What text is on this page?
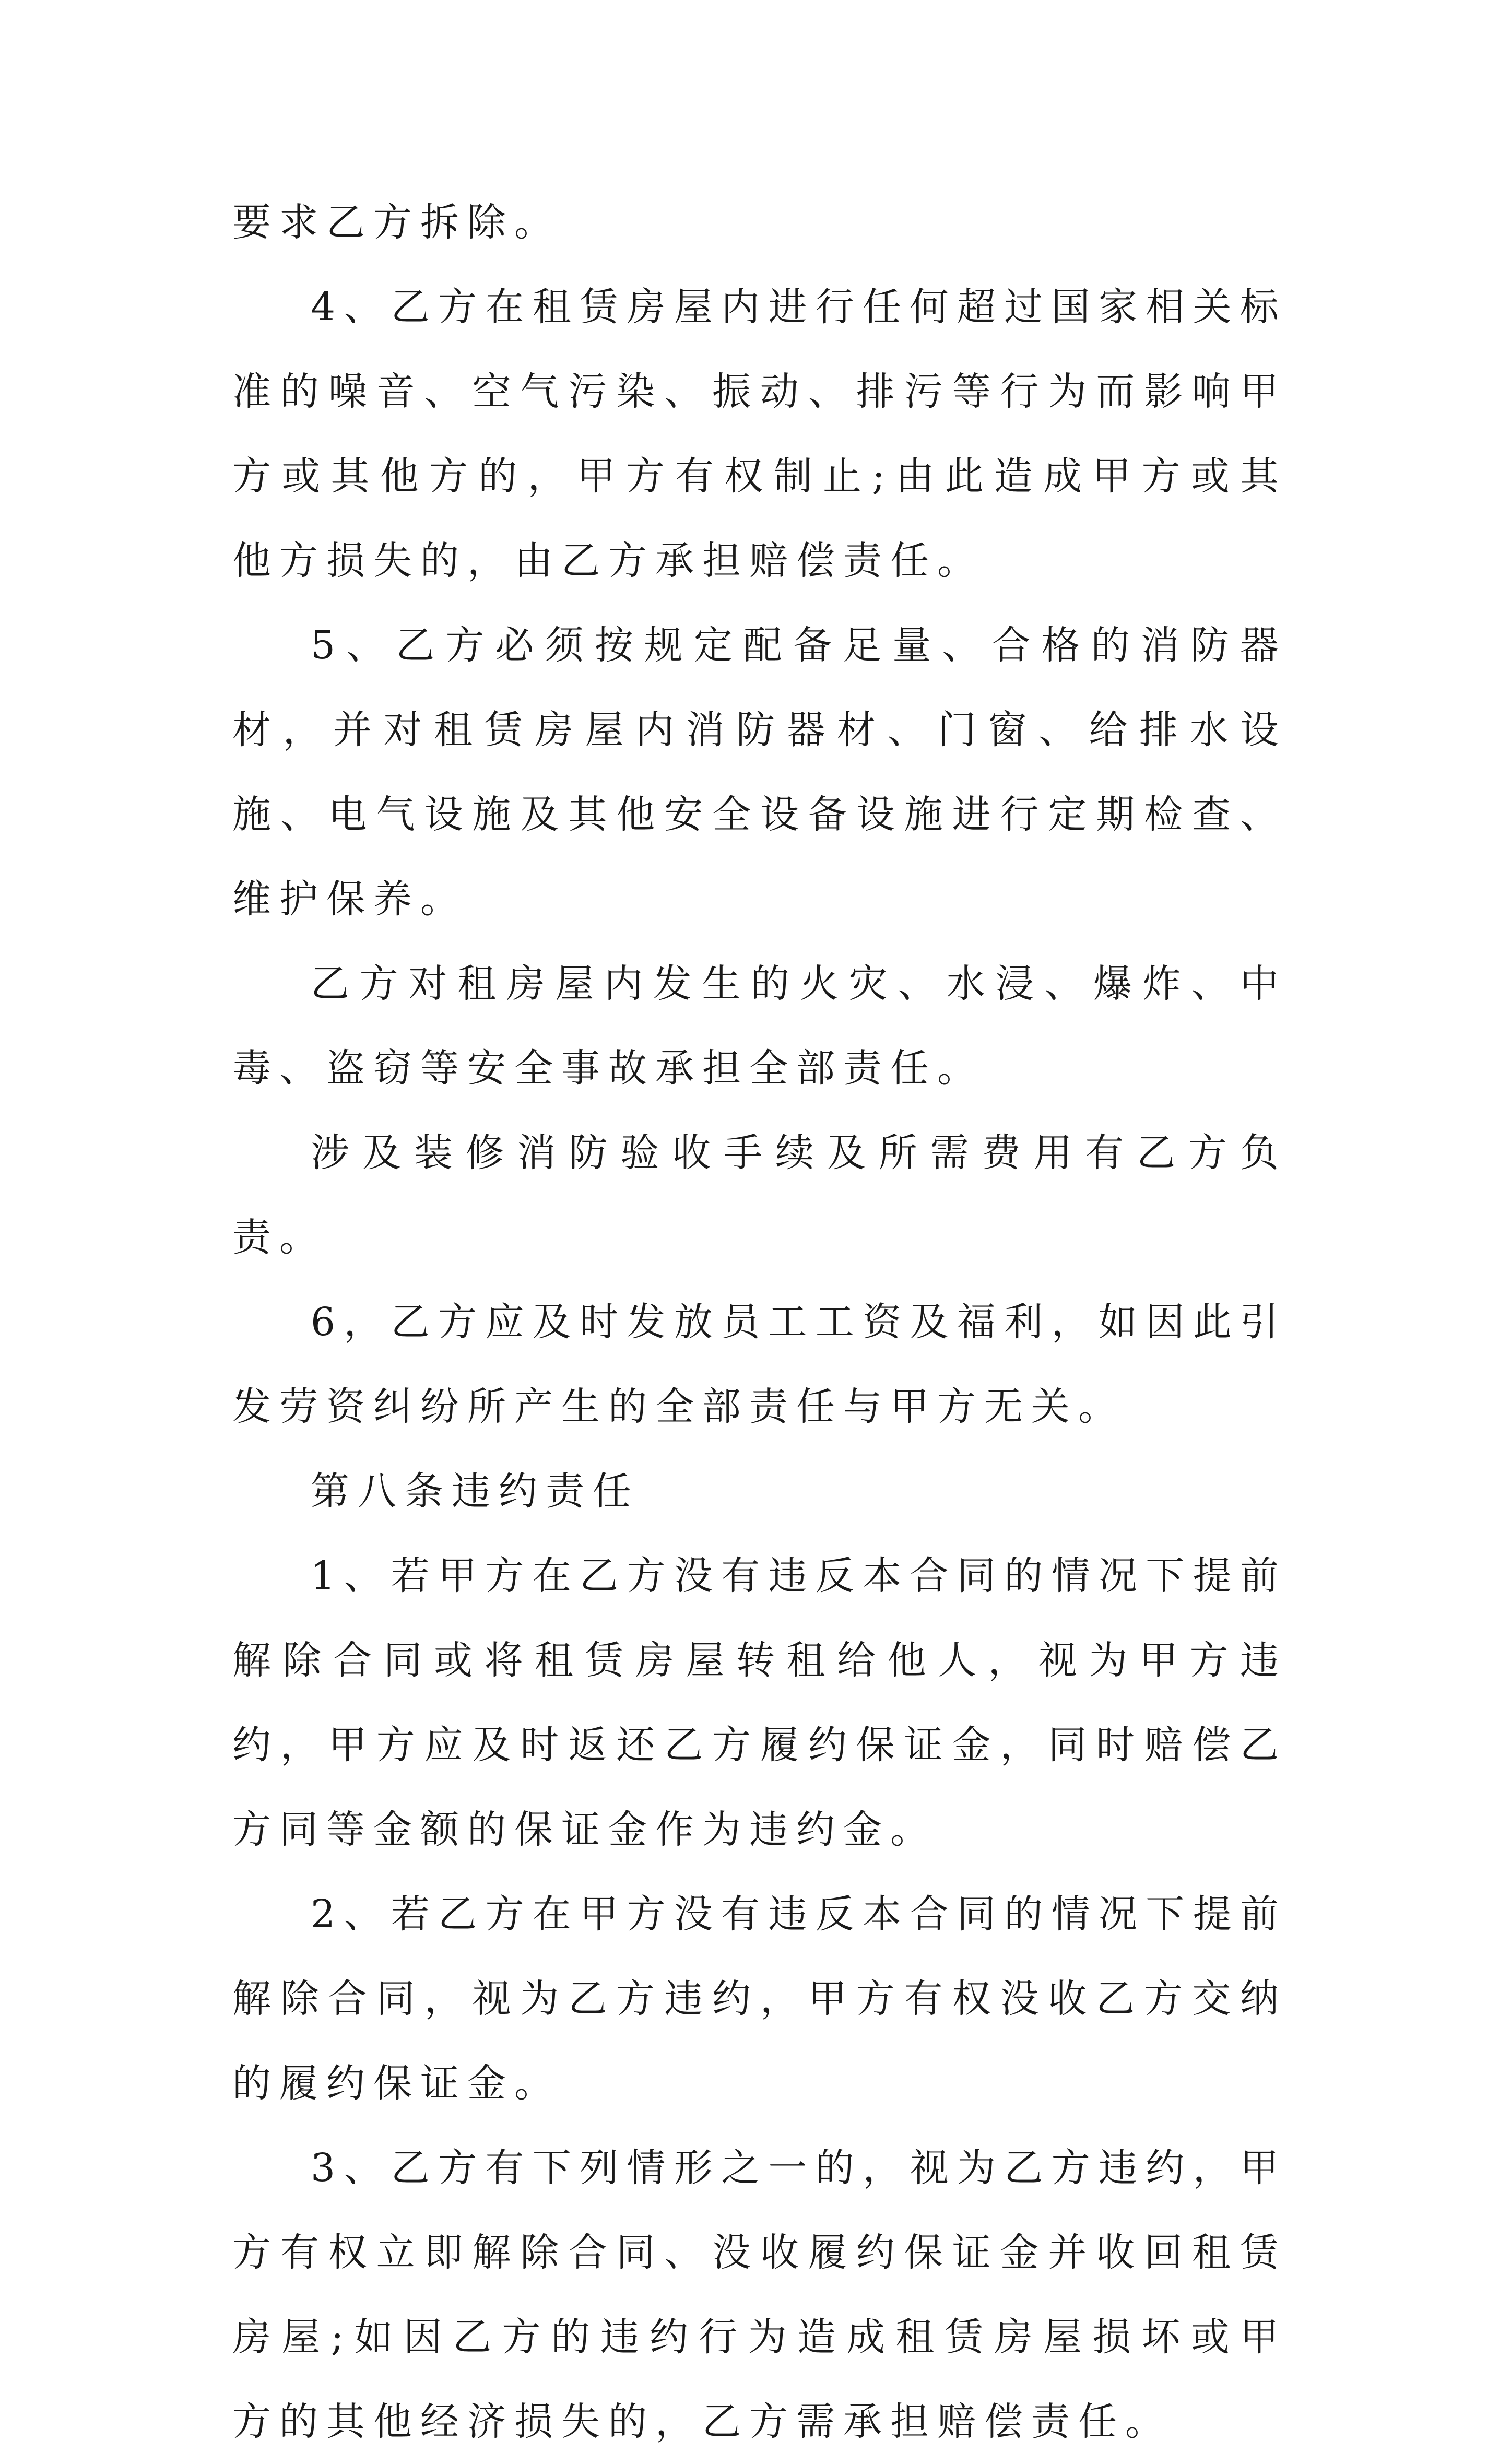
要求乙方拆除。

4、乙方在租赁房屋内进行任何超过国家相关标准的噪音、空气污染、振动、排污等行为而影响甲方或其他方的，甲方有权制止;由此造成甲方或其他方损失的，由乙方承担赔偿责任。

5、乙方必须按规定配备足量、合格的消防器材，并对租赁房屋内消防器材、门窗、给排水设施、电气设施及其他安全设备设施进行定期检查、维护保养。

乙方对租房屋内发生的火灾、水浸、爆炸、中毒、盗窃等安全事故承担全部责任。

涉及装修消防验收手续及所需费用有乙方负责。

6，乙方应及时发放员工工资及福利，如因此引发劳资纠纷所产生的全部责任与甲方无关。

第八条违约责任

1、若甲方在乙方没有违反本合同的情况下提前解除合同或将租赁房屋转租给他人，视为甲方违约，甲方应及时返还乙方履约保证金，同时赔偿乙方同等金额的保证金作为违约金。

2、若乙方在甲方没有违反本合同的情况下提前解除合同，视为乙方违约，甲方有权没收乙方交纳的履约保证金。

3、乙方有下列情形之一的，视为乙方违约，甲方有权立即解除合同、没收履约保证金并收回租赁房屋;如因乙方的违约行为造成租赁房屋损坏或甲方的其他经济损失的，乙方需承担赔偿责任。
